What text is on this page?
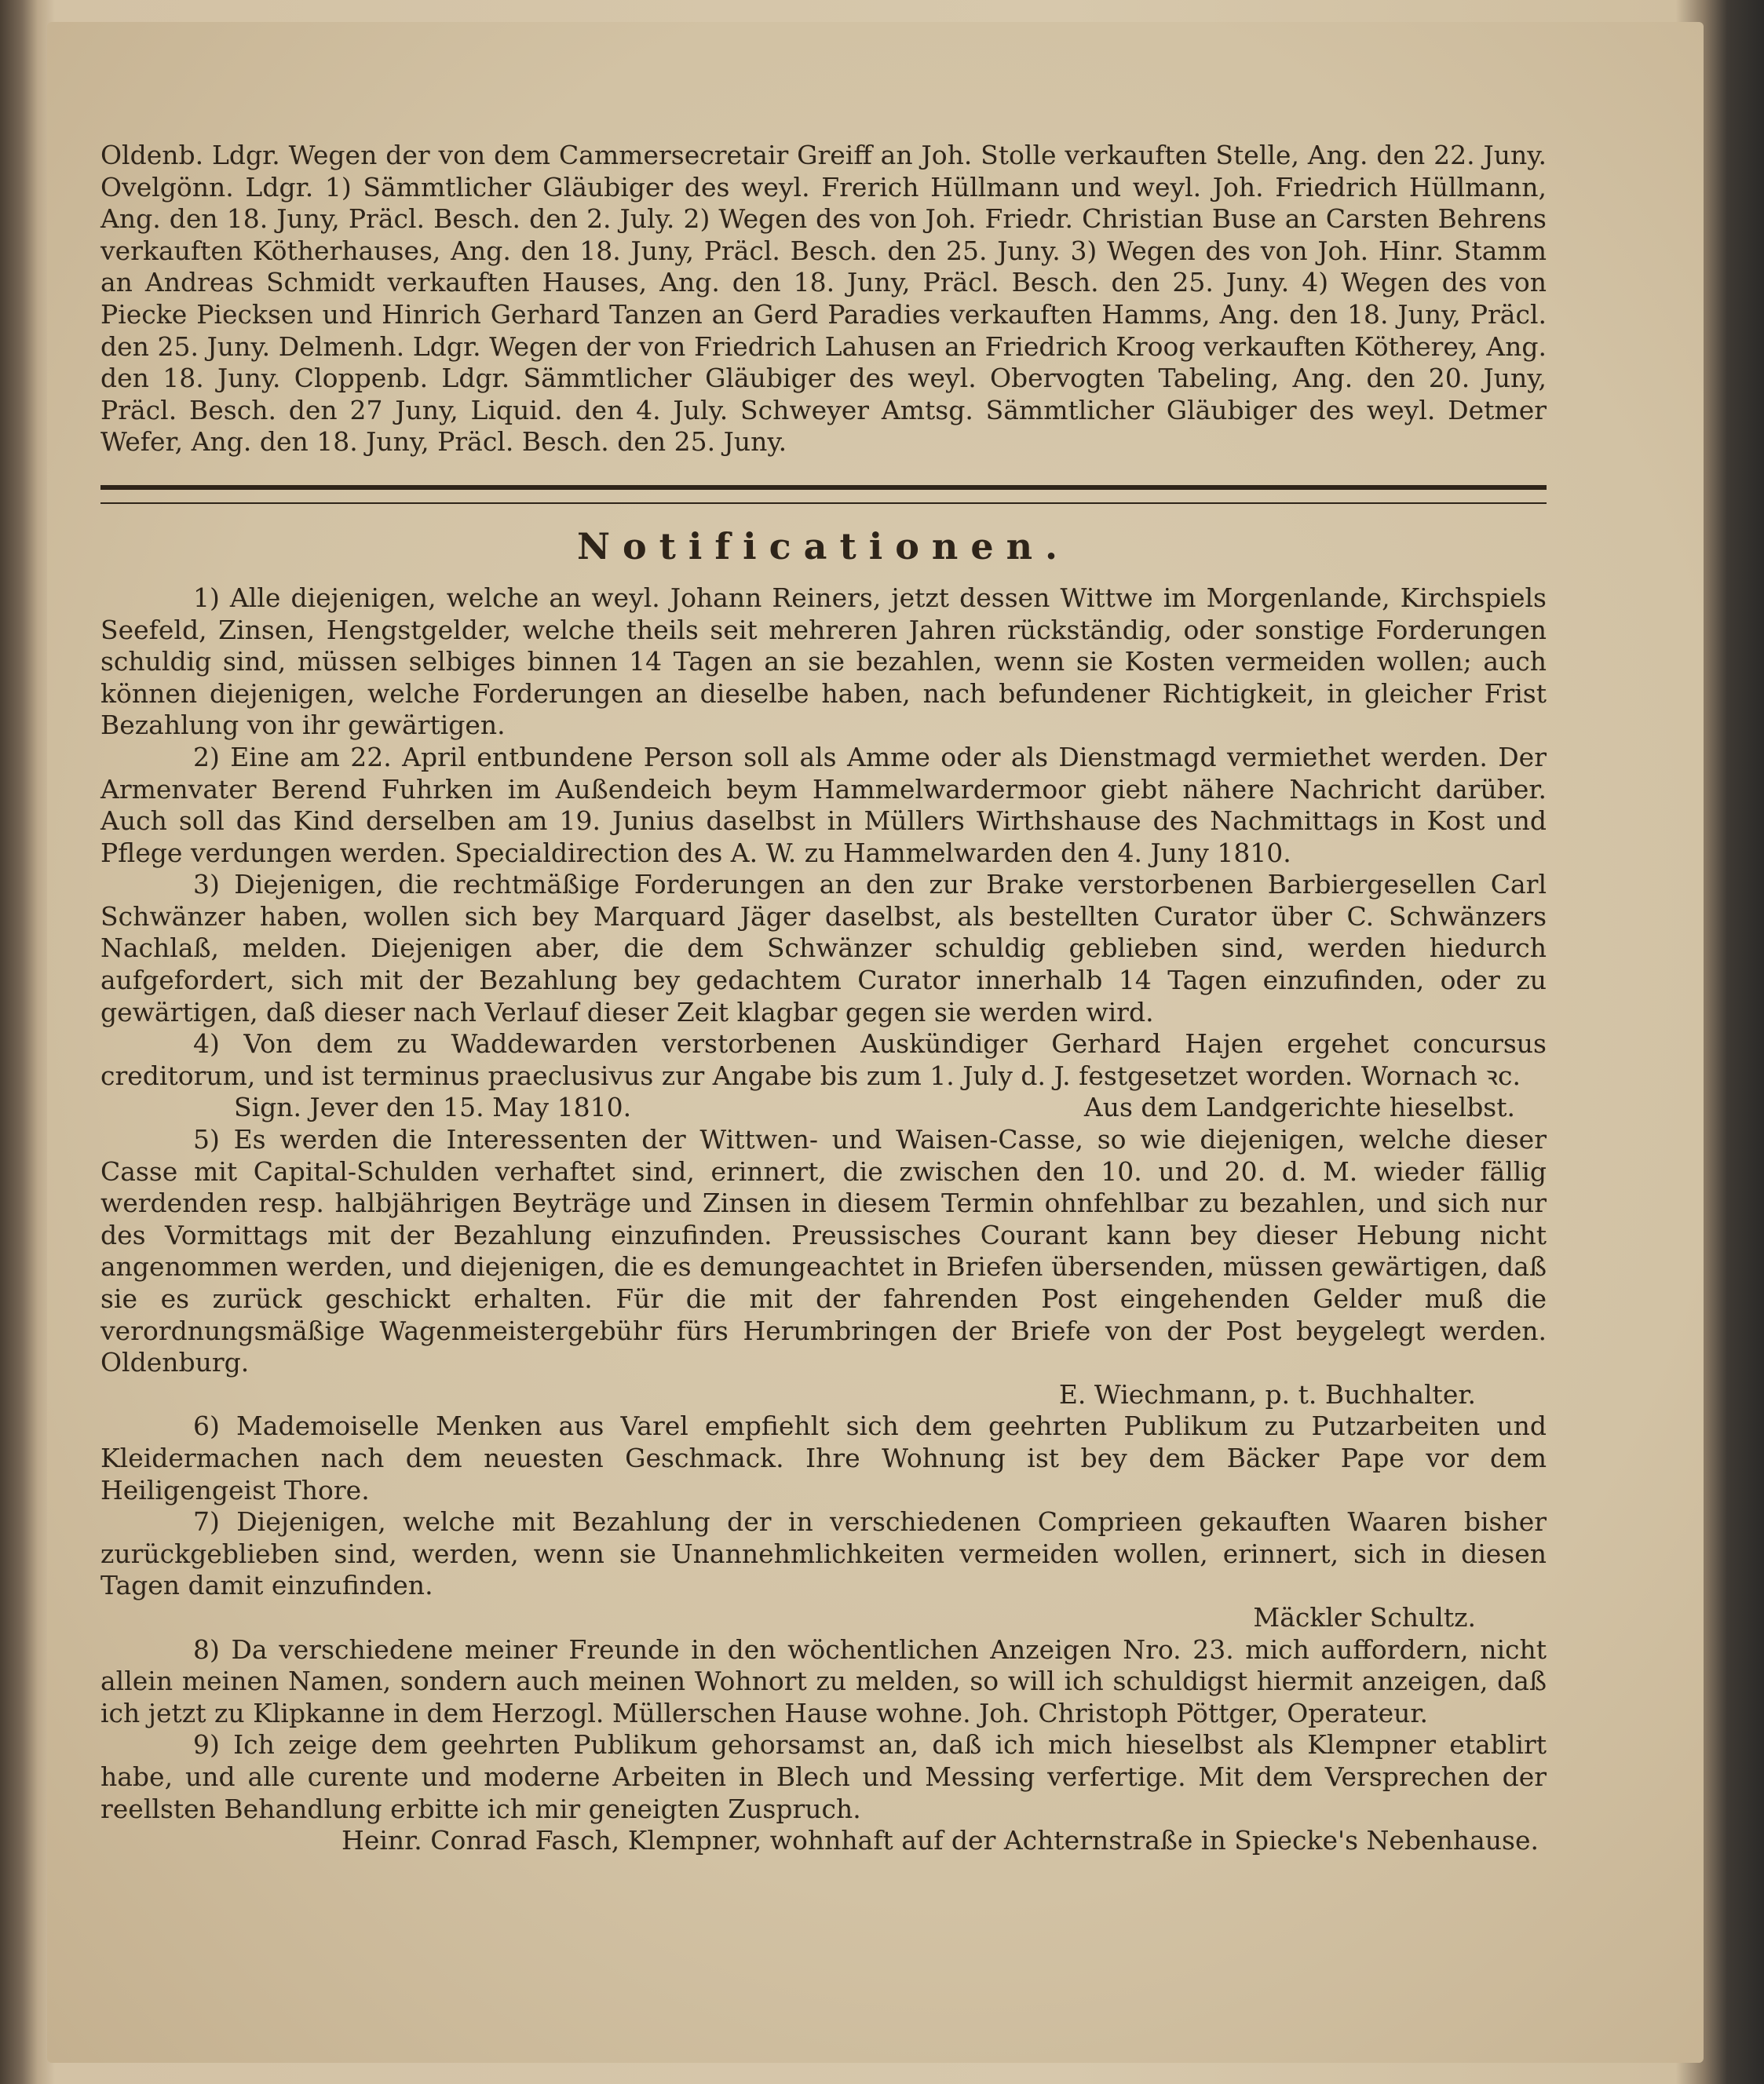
Oldenb. Ldgr. Wegen der von dem Cammersecretair Greiff an Joh. Stolle verkauften Stelle, Ang. den 22. Juny. Ovelgönn. Ldgr. 1) Sämmtlicher Gläubiger des weyl. Frerich Hüllmann und weyl. Joh. Friedrich Hüllmann, Ang. den 18. Juny, Präcl. Besch. den 2. July. 2) Wegen des von Joh. Friedr. Christian Buse an Carsten Behrens verkauften Kötherhauses, Ang. den 18. Juny, Präcl. Besch. den 25. Juny. 3) Wegen des von Joh. Hinr. Stamm an Andreas Schmidt verkauften Hauses, Ang. den 18. Juny, Präcl. Besch. den 25. Juny. 4) Wegen des von Piecke Piecksen und Hinrich Gerhard Tanzen an Gerd Paradies verkauften Hamms, Ang. den 18. Juny, Präcl. den 25. Juny. Delmenh. Ldgr. Wegen der von Friedrich Lahusen an Friedrich Kroog verkauften Kötherey, Ang. den 18. Juny. Cloppenb. Ldgr. Sämmtlicher Gläubiger des weyl. Obervogten Tabeling, Ang. den 20. Juny, Präcl. Besch. den 27 Juny, Liquid. den 4. July. Schweyer Amtsg. Sämmtlicher Gläubiger des weyl. Detmer Wefer, Ang. den 18. Juny, Präcl. Besch. den 25. Juny.

Notificationen.

1) Alle diejenigen, welche an weyl. Johann Reiners, jetzt dessen Wittwe im Morgenlande, Kirchspiels Seefeld, Zinsen, Hengstgelder, welche theils seit mehreren Jahren rückständig, oder sonstige Forderungen schuldig sind, müssen selbiges binnen 14 Tagen an sie bezahlen, wenn sie Kosten vermeiden wollen; auch können diejenigen, welche Forderungen an dieselbe haben, nach befundener Richtigkeit, in gleicher Frist Bezahlung von ihr gewärtigen.

2) Eine am 22. April entbundene Person soll als Amme oder als Dienstmagd vermiethet werden. Der Armenvater Berend Fuhrken im Außendeich beym Hammelwardermoor giebt nähere Nachricht darüber. Auch soll das Kind derselben am 19. Junius daselbst in Müllers Wirthshause des Nachmittags in Kost und Pflege verdungen werden. Specialdirection des A. W. zu Hammelwarden den 4. Juny 1810.

3) Diejenigen, die rechtmäßige Forderungen an den zur Brake verstorbenen Barbiergesellen Carl Schwänzer haben, wollen sich bey Marquard Jäger daselbst, als bestellten Curator über C. Schwänzers Nachlaß, melden. Diejenigen aber, die dem Schwänzer schuldig geblieben sind, werden hiedurch aufgefordert, sich mit der Bezahlung bey gedachtem Curator innerhalb 14 Tagen einzufinden, oder zu gewärtigen, daß dieser nach Verlauf dieser Zeit klagbar gegen sie werden wird.

4) Von dem zu Waddewarden verstorbenen Auskündiger Gerhard Hajen ergehet concursus creditorum, und ist terminus praeclusivus zur Angabe bis zum 1. July d. J. festgesetzet worden. Wornach ꝛc.

Sign. Jever den 15. May 1810.	Aus dem Landgerichte hieselbst.

5) Es werden die Interessenten der Wittwen- und Waisen-Casse, so wie diejenigen, welche dieser Casse mit Capital-Schulden verhaftet sind, erinnert, die zwischen den 10. und 20. d. M. wieder fällig werdenden resp. halbjährigen Beyträge und Zinsen in diesem Termin ohnfehlbar zu bezahlen, und sich nur des Vormittags mit der Bezahlung einzufinden. Preussisches Courant kann bey dieser Hebung nicht angenommen werden, und diejenigen, die es demungeachtet in Briefen übersenden, müssen gewärtigen, daß sie es zurück geschickt erhalten. Für die mit der fahrenden Post eingehenden Gelder muß die verordnungsmäßige Wagenmeistergebühr fürs Herumbringen der Briefe von der Post beygelegt werden. Oldenburg.

E. Wiechmann, p. t. Buchhalter.

6) Mademoiselle Menken aus Varel empfiehlt sich dem geehrten Publikum zu Putzarbeiten und Kleidermachen nach dem neuesten Geschmack. Ihre Wohnung ist bey dem Bäcker Pape vor dem Heiligengeist Thore.

7) Diejenigen, welche mit Bezahlung der in verschiedenen Comprieen gekauften Waaren bisher zurückgeblieben sind, werden, wenn sie Unannehmlichkeiten vermeiden wollen, erinnert, sich in diesen Tagen damit einzufinden.

Mäckler Schultz.

8) Da verschiedene meiner Freunde in den wöchentlichen Anzeigen Nro. 23. mich auffordern, nicht allein meinen Namen, sondern auch meinen Wohnort zu melden, so will ich schuldigst hiermit anzeigen, daß ich jetzt zu Klipkanne in dem Herzogl. Müllerschen Hause wohne. Joh. Christoph Pöttger, Operateur.

9) Ich zeige dem geehrten Publikum gehorsamst an, daß ich mich hieselbst als Klempner etablirt habe, und alle curente und moderne Arbeiten in Blech und Messing verfertige. Mit dem Versprechen der reellsten Behandlung erbitte ich mir geneigten Zuspruch.

Heinr. Conrad Fasch, Klempner, wohnhaft auf der Achternstraße in Spiecke's Nebenhause.
